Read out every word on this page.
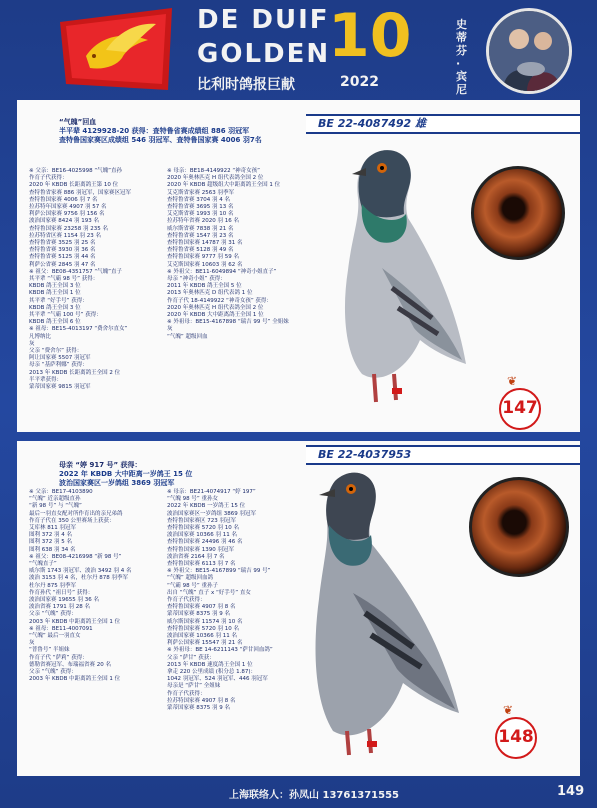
DE DUIF
GOLDEN
10
比利时鸽报巨献	2022
史蒂芬·宾尼
BE 22-4087492 雄
“气魄”回血
半平辈 4129928-20 获得：查特鲁省赛成绩组 886 羽冠军
查特鲁国家赛区成绩组 546 羽冠军、查特鲁国家赛 4006 羽7名
※ 父亲：BE16-4025998 “气魄”直孙
作育子代获得：
2020 年 KBDB 长距离鸽王第 10 位
查特鲁省家赛 886 羽冠军，国家赛区冠军
查特鲁国家赛 4006 羽 7 名
拉苏特年国家赛 4907 羽 57 名
利萨公国家赛 9756 羽 156 名
波治国家赛 8424 羽 193 名
查特鲁国家赛 23258 羽 235 名
拉苏特省区赛 1154 羽 23 名
查特鲁省赛 3525 羽 25 名
查特鲁省赛 3930 羽 36 名
查特鲁省赛 5125 羽 44 名
利萨公省赛 2845 羽 47 名
※ 祖父：BE08-4351757 “气魄”直子
其平辈 “气霸 98 号” 获得：
KBDB 鸽王全国 3 位
KBDB 鸽王全国 1 位
其平辈 “好手号” 获得：
KBDB 鸽王全国 3 位
其平辈 “气霸 100 号” 获得：
KBDB 鸽王全国 6 位
※ 祖母：BE15-4013197 “费舍尔直女”
凡博纳比
灰
父亲 “费舍尔” 获得：
阿让国家赛 5507 羽冠军
母亲 “基萨利娜” 获得：
2013 年 KBDB 长距离鸽王全国 2 位
半平辈获得：
蒙蒂国家赛 9815 羽冠军
※ 母亲：BE18-4149922 “神奇女孩”
2020 年奥林匹克 H 组代表鸽全国 2 位
2020 年 KBDB 超级组大中距离鸽王全国 1 位
艾克斯省家赛 2563 羽季军
查特鲁省赛 3704 羽 4 名
查特鲁省赛 3695 羽 13 名
艾克斯省赛 1993 羽 10 名
拉苏特年省赛 2020 羽 16 名
威尔斯省赛 7838 羽 21 名
查特鲁省赛 1547 羽 23 名
查特鲁国家赛 14787 羽 31 名
查特鲁省赛 5128 羽 49 名
查特鲁国家赛 9777 羽 59 名
艾克斯国家赛 10603 羽 62 名
※ 外祖父：BE11-6049894 “神奇小姐直子”
母亲 “神奇小姐” 获得：
2011 年 KBDB 鸽王全国 5 位
2013 年奥林匹克 D 组代表鸽 1 位
作育子代 18-4149922 “神奇女孩” 获得：
2020 年奥林匹克 H 组代表鸽全国 2 位
2020 年 KBDB 大中距离鸽王全国 1 位
※ 外祖母：BE15-4167898 “瑞吉 99 号” 全姐妹
灰
“气魄” 超级回血
❦
147
BE 22-4037953
母亲 “婷 917 号” 获得：
2022 年 KBDB 大中距离一岁鸽王 15 位
波治国家赛区一岁鸽组 3869 羽冠军
※ 父亲：BE17-4103890
“气魄” 近亲超级直孙
“新 98 号” 与 “气魄”
最后一羽直女配对所作育出的亲兄弟鸽
作育子代在 350 公里赛场上获获：
艾库林 811 羽冠军
图利 372 羽 4 名
图利 372 羽 5 名
图利 638 羽 34 名
※ 祖父：BE08-4216998 “新 98 号”
“气魄直子”
威尔斯 1743 羽冠军、波治 3492 羽 4 名
波治 3153 羽 4 名，杜尔丹 878 羽季军
杜尔丹 875 羽季军
作育孙代 “祖日号” 获得：
波治国家赛 19655 羽 36 名
波治省赛 1791 羽 28 名
父亲 “气魄” 获得：
2003 年 KBDB 中距离鸽王全国 1 位
※ 祖母：BE11-4007091
“气魄” 最后一羽直女
灰
“普鲁号” 半姐妹
作育子代 “萨莉” 获得：
德勒省赛冠军、布瑞福省赛 20 名
父亲 “气魄” 获得：
2003 年 KBDB 中距离鸽王全国 1 位
※ 母亲：BE21-4074917 “婷 197”
“气魄 98 号” 重孙女
2022 年 KBDB 一岁鸽王 15 位
波治国家赛区一岁鸽组 3869 羽冠军
查特鲁国家赛区 723 羽冠军
查特鲁国家赛 5720 羽 10 名
波治国家赛 10366 羽 11 名
查特鲁国家赛 24496 羽 46 名
查特鲁国家赛 1390 羽冠军
波治省赛 2164 羽 7 名
查特鲁国家赛 6113 羽 7 名
※ 外祖父：BE15-4167899 “瑞吉 99 号”
“气魄” 超级回血鸽
“气霸 98 号” 重孙子
出自 “气魄” 直子 x “好手号” 直女
作育子代获得：
查特鲁国家赛 4907 羽 8 名
蒙蒂国家赛 8375 羽 9 名
威尔斯国家赛 11574 羽 10 名
查特鲁国家赛 5720 羽 10 名
波治国家赛 10366 羽 11 名
利萨公国家赛 15547 羽 21 名
※ 外祖母：BE 14-6211143 “萨甘回血鸽”
父亲 “萨甘” 获获：
2013 年 KBDB 速度鸽王全国 1 位
拿走 220 公里成绩 (积分总 1.87)：
1042 羽冠军、524 羽冠军、446 羽冠军
母亲是 “萨甘” 全姐妹
作育子代获得：
拉苏特国家赛 4907 羽 8 名
蒙蒂国家赛 8375 羽 9 名	❦
148
上海联络人：孙凤山 13761371555	149
